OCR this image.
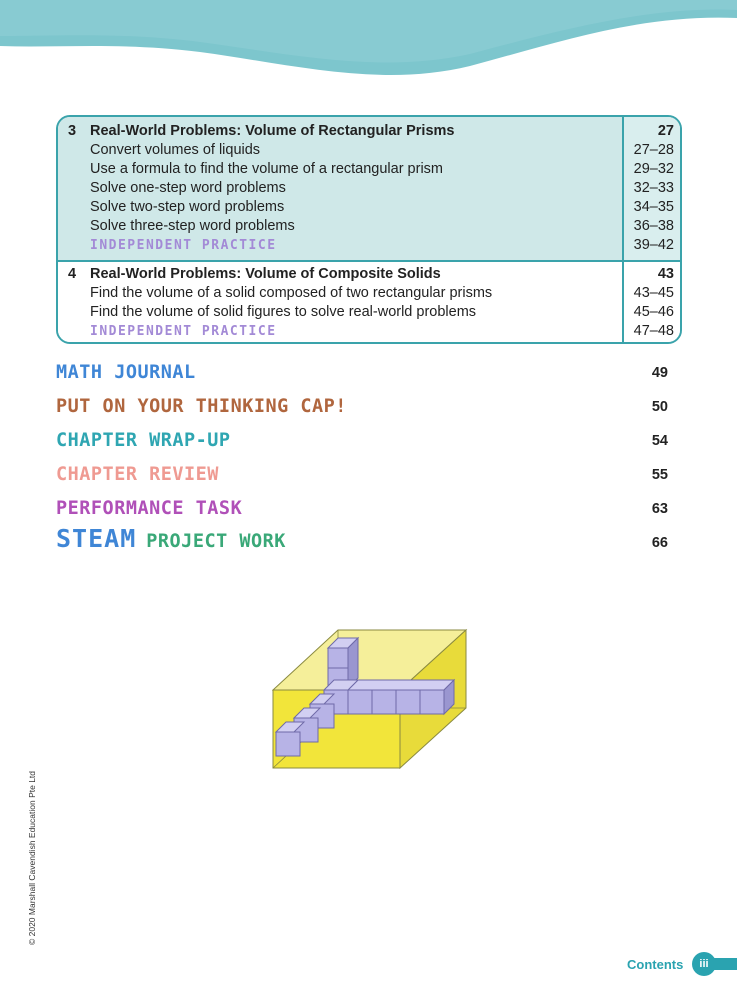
3 Real-World Problems: Volume of Rectangular Prisms	27
Convert volumes of liquids	27–28
Use a formula to find the volume of a rectangular prism	29–32
Solve one-step word problems	32–33
Solve two-step word problems	34–35
Solve three-step word problems	36–38
INDEPENDENT PRACTICE	39–42
4 Real-World Problems: Volume of Composite Solids	43
Find the volume of a solid composed of two rectangular prisms	43–45
Find the volume of solid figures to solve real-world problems	45–46
INDEPENDENT PRACTICE	47–48
MATH JOURNAL	49
PUT ON YOUR THINKING CAP!	50
CHAPTER WRAP-UP	54
CHAPTER REVIEW	55
PERFORMANCE TASK	63
STEAM PROJECT WORK	66
© 2020 Marshall Cavendish Education Pte Ltd
Contents	iii
